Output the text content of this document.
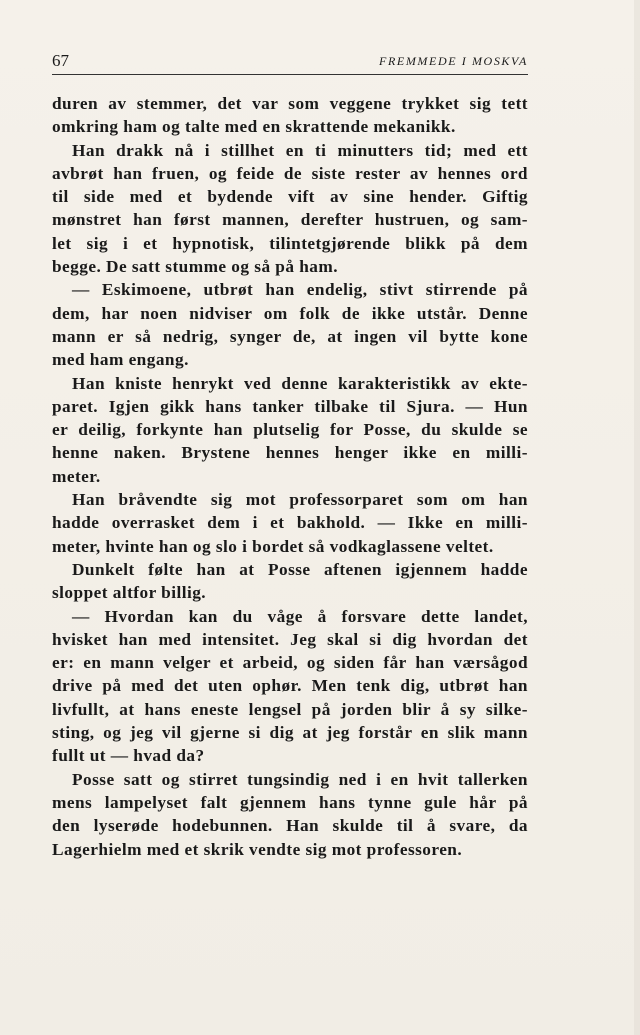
67	FREMMEDE I MOSKVA
duren av stemmer, det var som veggene trykket sig tett
omkring ham og talte med en skrattende mekanikk.
Han drakk nå i stillhet en ti minutters tid; med ett
avbrøt han fruen, og feide de siste rester av hennes ord
til side med et bydende vift av sine hender. Giftig
mønstret han først mannen, derefter hustruen, og sam-
let sig i et hypnotisk, tilintetgjørende blikk på dem
begge. De satt stumme og så på ham.
— Eskimoene, utbrøt han endelig, stivt stirrende på
dem, har noen nidviser om folk de ikke utstår. Denne
mann er så nedrig, synger de, at ingen vil bytte kone
med ham engang.
Han kniste henrykt ved denne karakteristikk av ekte-
paret. Igjen gikk hans tanker tilbake til Sjura. — Hun
er deilig, forkynte han plutselig for Posse, du skulde se
henne naken. Brystene hennes henger ikke en milli-
meter.
Han bråvendte sig mot professorparet som om han
hadde overrasket dem i et bakhold. — Ikke en milli-
meter, hvinte han og slo i bordet så vodkaglassene veltet.
Dunkelt følte han at Posse aftenen igjennem hadde
sloppet altfor billig.
— Hvordan kan du våge å forsvare dette landet,
hvisket han med intensitet. Jeg skal si dig hvordan det
er: en mann velger et arbeid, og siden får han værsågod
drive på med det uten ophør. Men tenk dig, utbrøt han
livfullt, at hans eneste lengsel på jorden blir å sy silke-
sting, og jeg vil gjerne si dig at jeg forstår en slik mann
fullt ut — hvad da?
Posse satt og stirret tungsindig ned i en hvit tallerken
mens lampelyset falt gjennem hans tynne gule hår på
den lyserøde hodebunnen. Han skulde til å svare, da
Lagerhielm med et skrik vendte sig mot professoren.
